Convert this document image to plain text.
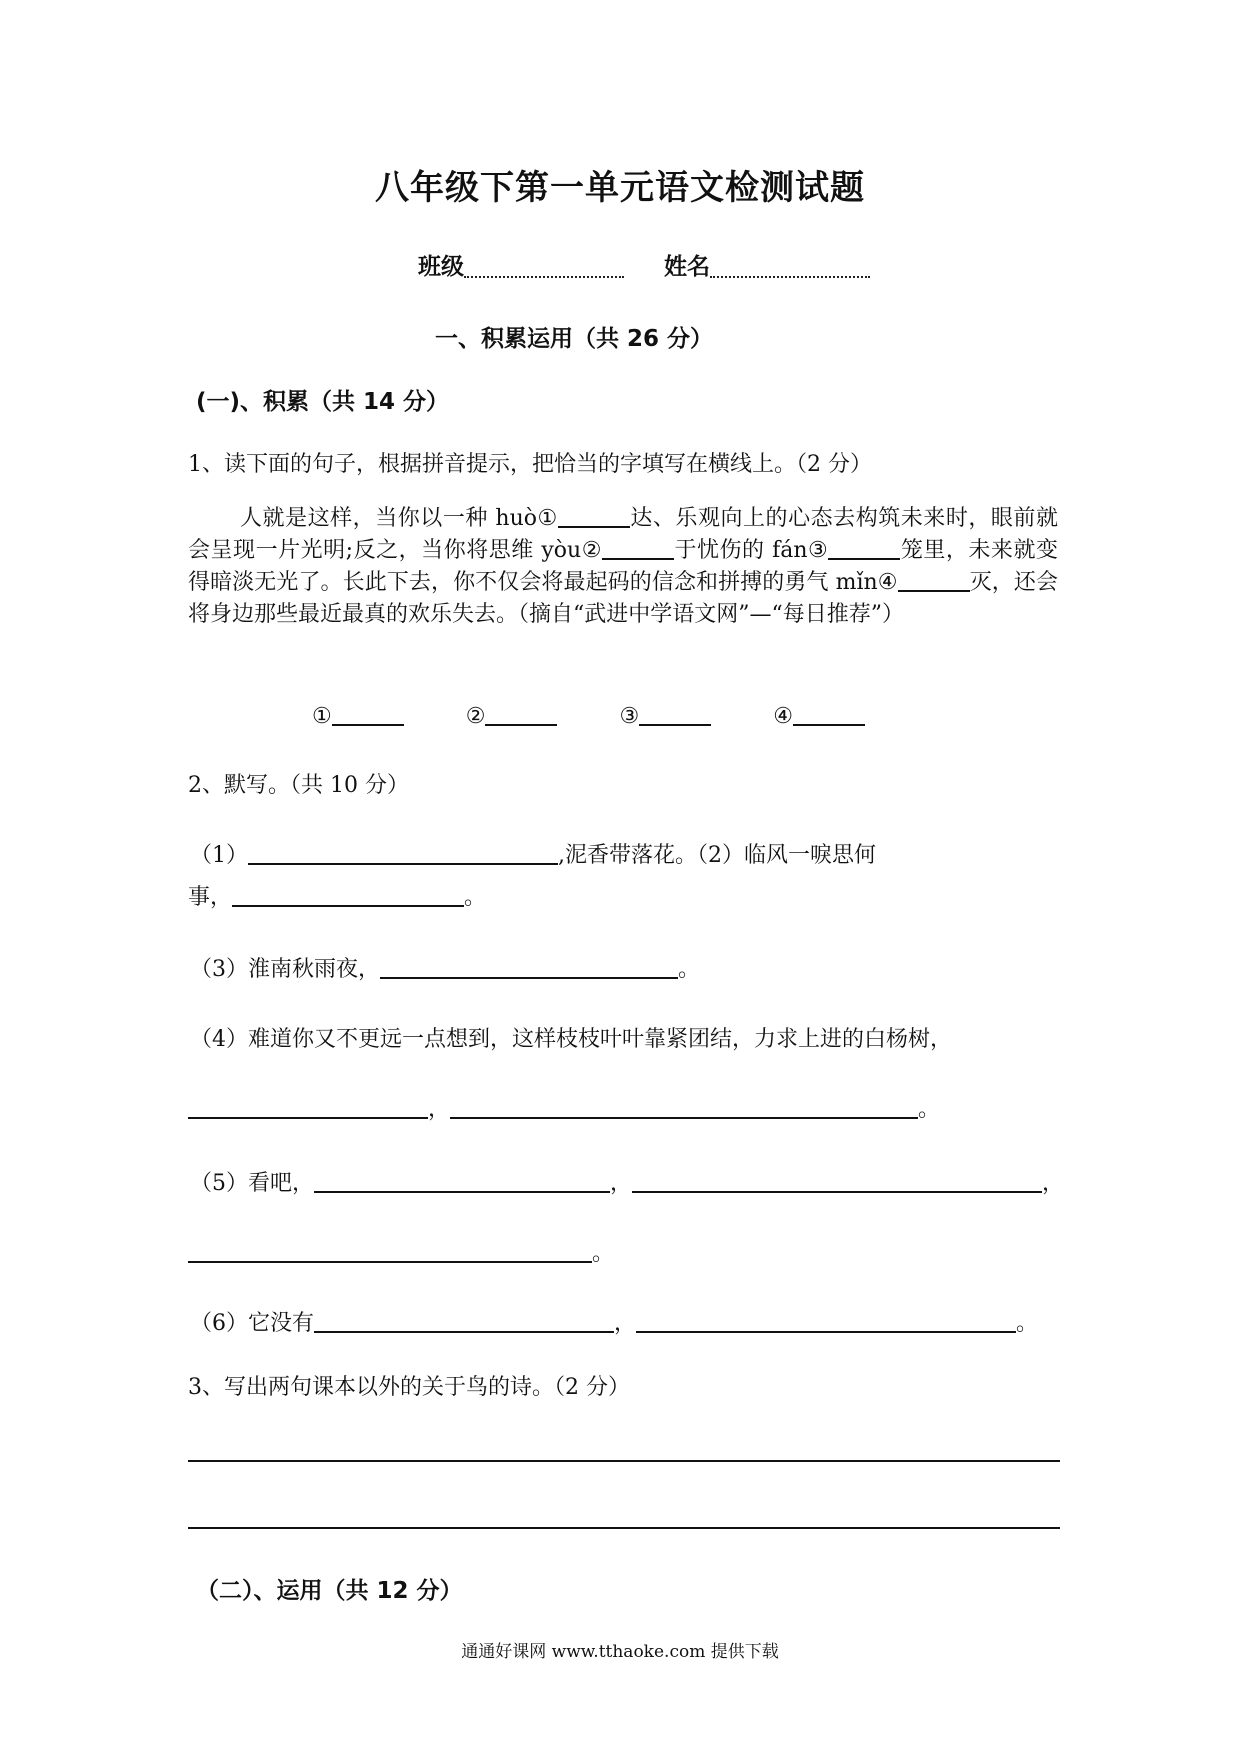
八年级下第一单元语文检测试题
班级	姓名
一、积累运用（共 26 分）
(一)、积累（共 14 分）
1、读下面的句子，根据拼音提示，把恰当的字填写在横线上。（2 分）
人就是这样，当你以一种 huò①	达、乐观向上的心态去构筑未来时，眼前就会呈现一片光明;反之，当你将思维 yòu②	于忧伤的 fán③	笼里，未来就变得暗淡无光了。长此下去，你不仅会将最起码的信念和拼搏的勇气 mǐn④	灭，还会将身边那些最近最真的欢乐失去。（摘自“武进中学语文网”—“每日推荐”）
①	②	③	④
2、默写。（共 10 分）
（1）	,泥香带落花。（2）临风一唳思何
事，	。
（3）淮南秋雨夜，	。
（4）难道你又不更远一点想到，这样枝枝叶叶靠紧团结，力求上进的白杨树，
，	。
（5）看吧，	，	，
。
（6）它没有	，	。
3、写出两句课本以外的关于鸟的诗。（2 分）
（二）、运用（共 12 分）
通通好课网 www.tthaoke.com 提供下载
